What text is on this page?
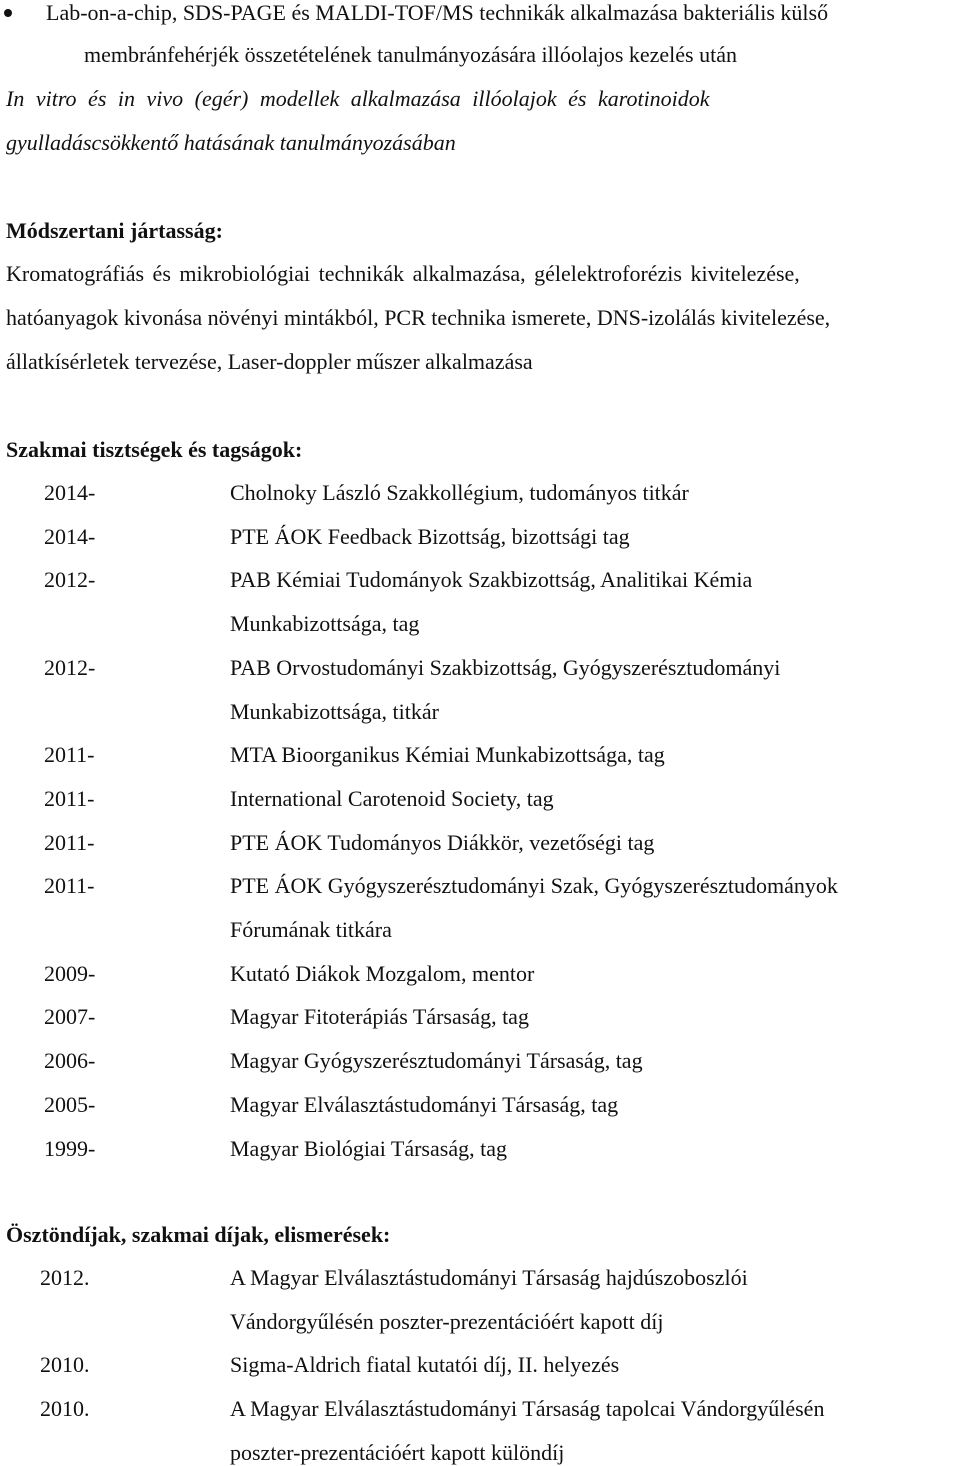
Lab-on-a-chip, SDS-PAGE és MALDI-TOF/MS technikák alkalmazása bakteriális külső
membránfehérjék összetételének tanulmányozására illóolajos kezelés után
In vitro és in vivo (egér) modellek alkalmazása illóolajok és karotinoidok
gyulladáscsökkentő hatásának tanulmányozásában
Módszertani jártasság:
Kromatográfiás és mikrobiológiai technikák alkalmazása, gélelektroforézis kivitelezése,
hatóanyagok kivonása növényi mintákból, PCR technika ismerete, DNS-izolálás kivitelezése,
állatkísérletek tervezése, Laser-doppler műszer alkalmazása
Szakmai tisztségek és tagságok:
2014-	Cholnoky László Szakkollégium, tudományos titkár
2014-	PTE ÁOK Feedback Bizottság, bizottsági tag
2012-	PAB Kémiai Tudományok Szakbizottság, Analitikai Kémia
Munkabizottsága, tag
2012-	PAB Orvostudományi Szakbizottság, Gyógyszerésztudományi
Munkabizottsága, titkár
2011-	MTA Bioorganikus Kémiai Munkabizottsága, tag
2011-	International Carotenoid Society, tag
2011-	PTE ÁOK Tudományos Diákkör, vezetőségi tag
2011-	PTE ÁOK Gyógyszerésztudományi Szak, Gyógyszerésztudományok
Fórumának titkára
2009-	Kutató Diákok Mozgalom, mentor
2007-	Magyar Fitoterápiás Társaság, tag
2006-	Magyar Gyógyszerésztudományi Társaság, tag
2005-	Magyar Elválasztástudományi Társaság, tag
1999-	Magyar Biológiai Társaság, tag
Ösztöndíjak, szakmai díjak, elismerések:
2012.	A Magyar Elválasztástudományi Társaság hajdúszoboszlói
Vándorgyűlésén poszter-prezentációért kapott díj
2010.	Sigma-Aldrich fiatal kutatói díj, II. helyezés
2010.	A Magyar Elválasztástudományi Társaság tapolcai Vándorgyűlésén
poszter-prezentációért kapott különdíj
